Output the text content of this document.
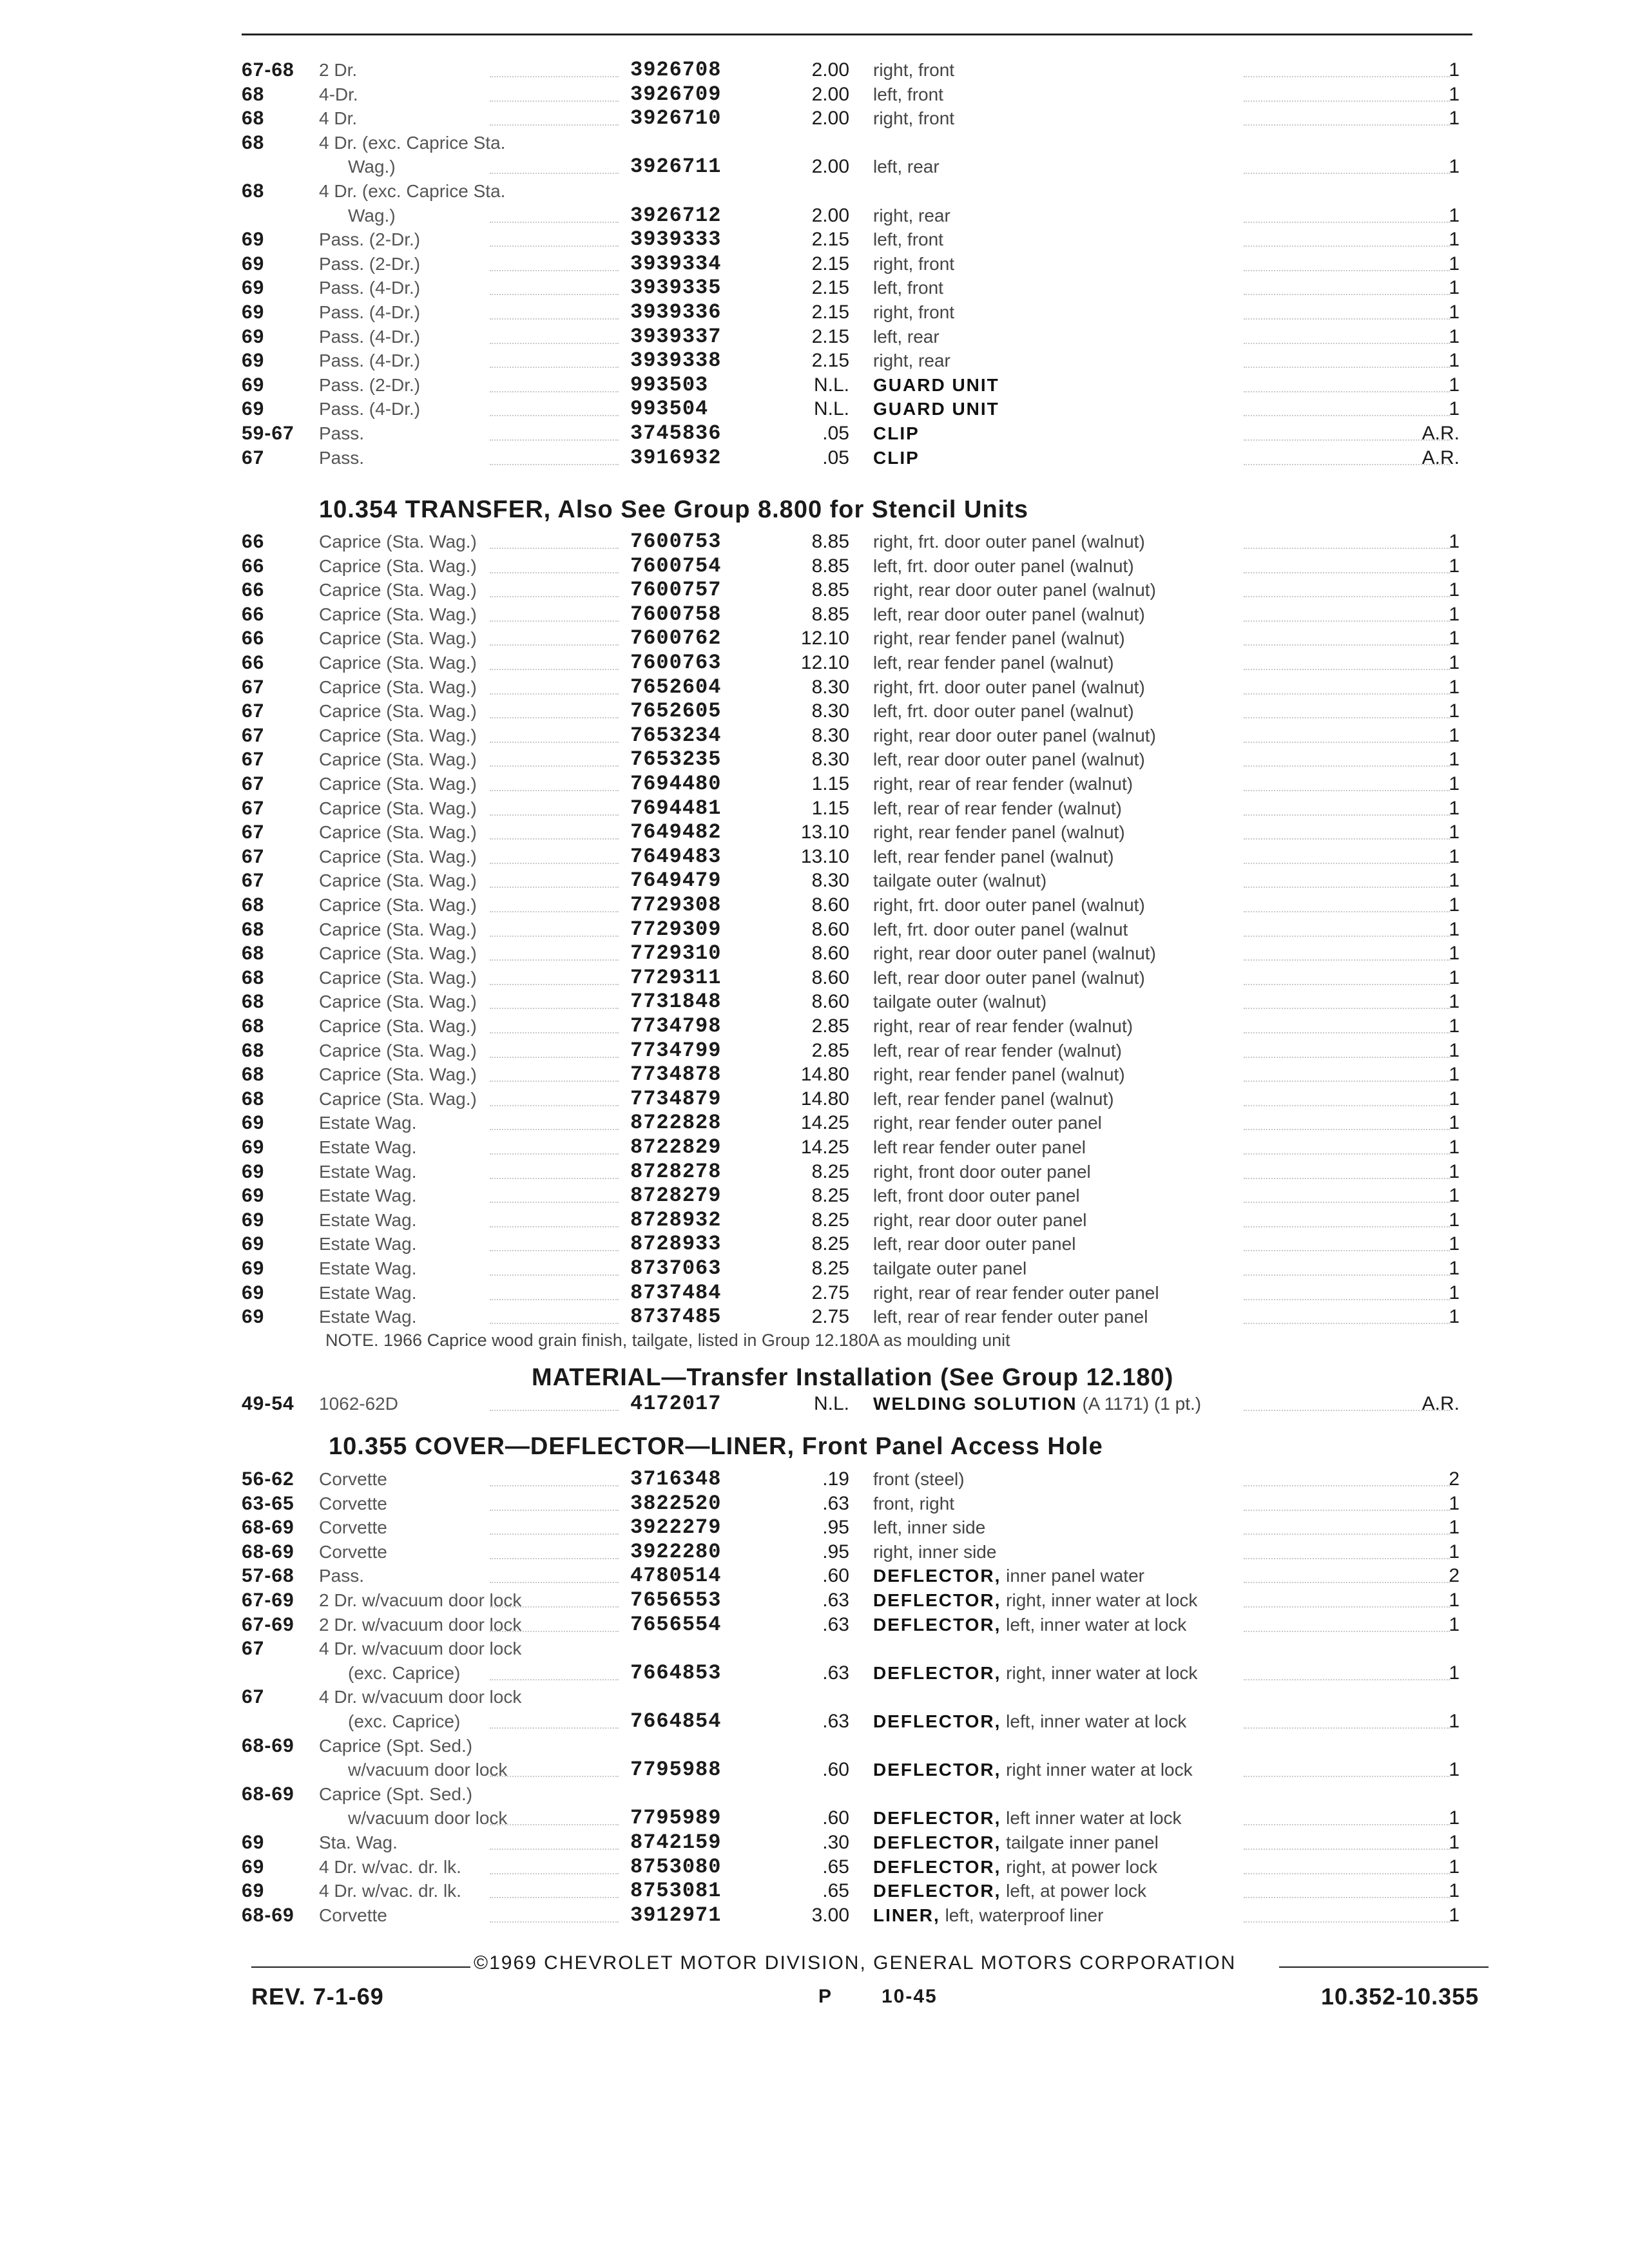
67-68 2 Dr.	3926708	2.00 right, front	1
68	4-Dr.	3926709	2.00 left, front	1
68	4 Dr.	3926710	2.00 right, front	1
68	4 Dr. (exc. Caprice Sta.
Wag.)	3926711	2.00 left, rear	1
68	4 Dr. (exc. Caprice Sta.
Wag.)	3926712	2.00 right, rear	1
69	Pass. (2-Dr.)	3939333	2.15 left, front	1
69	Pass. (2-Dr.)	3939334	2.15 right, front	1
69	Pass. (4-Dr.)	3939335	2.15 left, front	1
69	Pass. (4-Dr.)	3939336	2.15 right, front	1
69	Pass. (4-Dr.)	3939337	2.15 left, rear	1
69	Pass. (4-Dr.)	3939338	2.15 right, rear	1
69	Pass. (2-Dr.)	993503	N.L. GUARD UNIT	1
69	Pass. (4-Dr.)	993504	N.L. GUARD UNIT	1
59-67 Pass.	3745836	.05 CLIP	A.R.
67	Pass.	3916932	.05 CLIP	A.R.
10.354 TRANSFER, Also See Group 8.800 for Stencil Units
66	Caprice (Sta. Wag.)	7600753	8.85 right, frt. door outer panel (walnut)	1
66	Caprice (Sta. Wag.)	7600754	8.85 left, frt. door outer panel (walnut)	1
66	Caprice (Sta. Wag.)	7600757	8.85 right, rear door outer panel (walnut)	1
66	Caprice (Sta. Wag.)	7600758	8.85 left, rear door outer panel (walnut)	1
66	Caprice (Sta. Wag.)	7600762	12.10 right, rear fender panel (walnut)	1
66	Caprice (Sta. Wag.)	7600763	12.10 left, rear fender panel (walnut)	1
67	Caprice (Sta. Wag.)	7652604	8.30 right, frt. door outer panel (walnut)	1
67	Caprice (Sta. Wag.)	7652605	8.30 left, frt. door outer panel (walnut)	1
67	Caprice (Sta. Wag.)	7653234	8.30 right, rear door outer panel (walnut)	1
67	Caprice (Sta. Wag.)	7653235	8.30 left, rear door outer panel (walnut)	1
67	Caprice (Sta. Wag.)	7694480	1.15 right, rear of rear fender (walnut)	1
67	Caprice (Sta. Wag.)	7694481	1.15 left, rear of rear fender (walnut)	1
67	Caprice (Sta. Wag.)	7649482	13.10 right, rear fender panel (walnut)	1
67	Caprice (Sta. Wag.)	7649483	13.10 left, rear fender panel (walnut)	1
67	Caprice (Sta. Wag.)	7649479	8.30 tailgate outer (walnut)	1
68	Caprice (Sta. Wag.)	7729308	8.60 right, frt. door outer panel (walnut)	1
68	Caprice (Sta. Wag.)	7729309	8.60 left, frt. door outer panel (walnut	1
68	Caprice (Sta. Wag.)	7729310	8.60 right, rear door outer panel (walnut)	1
68	Caprice (Sta. Wag.)	7729311	8.60 left, rear door outer panel (walnut)	1
68	Caprice (Sta. Wag.)	7731848	8.60 tailgate outer (walnut)	1
68	Caprice (Sta. Wag.)	7734798	2.85 right, rear of rear fender (walnut)	1
68	Caprice (Sta. Wag.)	7734799	2.85 left, rear of rear fender (walnut)	1
68	Caprice (Sta. Wag.)	7734878	14.80 right, rear fender panel (walnut)	1
68	Caprice (Sta. Wag.)	7734879	14.80 left, rear fender panel (walnut)	1
69	Estate Wag.	8722828	14.25 right, rear fender outer panel	1
69	Estate Wag.	8722829	14.25 left rear fender outer panel	1
69	Estate Wag.	8728278	8.25 right, front door outer panel	1
69	Estate Wag.	8728279	8.25 left, front door outer panel	1
69	Estate Wag.	8728932	8.25 right, rear door outer panel	1
69	Estate Wag.	8728933	8.25 left, rear door outer panel	1
69	Estate Wag.	8737063	8.25 tailgate outer panel	1
69	Estate Wag.	8737484	2.75 right, rear of rear fender outer panel	1
69	Estate Wag.	8737485	2.75 left, rear of rear fender outer panel	1
NOTE. 1966 Caprice wood grain finish, tailgate, listed in Group 12.180A as moulding unit
MATERIAL—Transfer Installation (See Group 12.180)
49-54 1062-62D	4172017	N.L. WELDING SOLUTION (A 1171) (1 pt.)	A.R.
10.355 COVER—DEFLECTOR—LINER, Front Panel Access Hole
56-62 Corvette	3716348	.19 front (steel)	2
63-65 Corvette	3822520	.63 front, right	1
68-69 Corvette	3922279	.95 left, inner side	1
68-69 Corvette	3922280	.95 right, inner side	1
57-68 Pass.	4780514	.60 DEFLECTOR, inner panel water	2
67-69 2 Dr. w/vacuum door lock	7656553	.63 DEFLECTOR, right, inner water at lock	1
67-69 2 Dr. w/vacuum door lock	7656554	.63 DEFLECTOR, left, inner water at lock	1
67	4 Dr. w/vacuum door lock
(exc. Caprice)	7664853	.63 DEFLECTOR, right, inner water at lock	1
67	4 Dr. w/vacuum door lock
(exc. Caprice)	7664854	.63 DEFLECTOR, left, inner water at lock	1
68-69 Caprice (Spt. Sed.)
w/vacuum door lock	7795988	.60 DEFLECTOR, right inner water at lock	1
68-69 Caprice (Spt. Sed.)
w/vacuum door lock	7795989	.60 DEFLECTOR, left inner water at lock	1
69	Sta. Wag.	8742159	.30 DEFLECTOR, tailgate inner panel	1
69	4 Dr. w/vac. dr. lk.	8753080	.65 DEFLECTOR, right, at power lock	1
69	4 Dr. w/vac. dr. lk.	8753081	.65 DEFLECTOR, left, at power lock	1
68-69 Corvette	3912971	3.00 LINER, left, waterproof liner	1
©1969 CHEVROLET MOTOR DIVISION, GENERAL MOTORS CORPORATION
REV. 7-1-69	P	10-45	10.352-10.355
